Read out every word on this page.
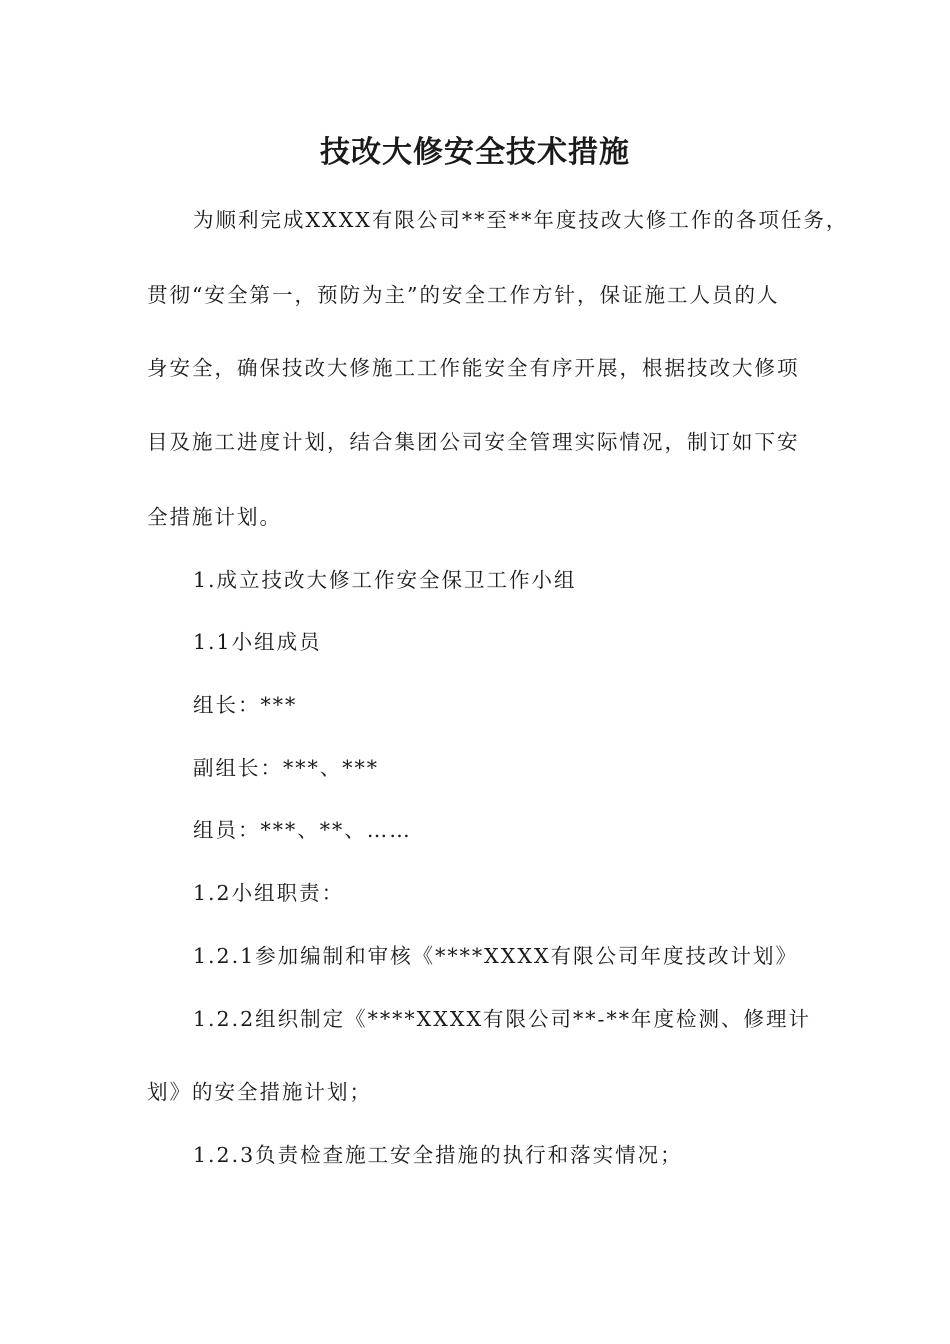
技改大修安全技术措施
为顺利完成XXXX有限公司**至**年度技改大修工作的各项任务，
贯彻“安全第一，预防为主”的安全工作方针，保证施工人员的人
身安全，确保技改大修施工工作能安全有序开展，根据技改大修项
目及施工进度计划，结合集团公司安全管理实际情况，制订如下安
全措施计划。
1.成立技改大修工作安全保卫工作小组
1.1小组成员
组长：***
副组长：***、***
组员：***、**、……
1.2小组职责：
1.2.1参加编制和审核《****XXXX有限公司年度技改计划》
1.2.2组织制定《****XXXX有限公司**-**年度检测、修理计
划》的安全措施计划；
1.2.3负责检查施工安全措施的执行和落实情况；
